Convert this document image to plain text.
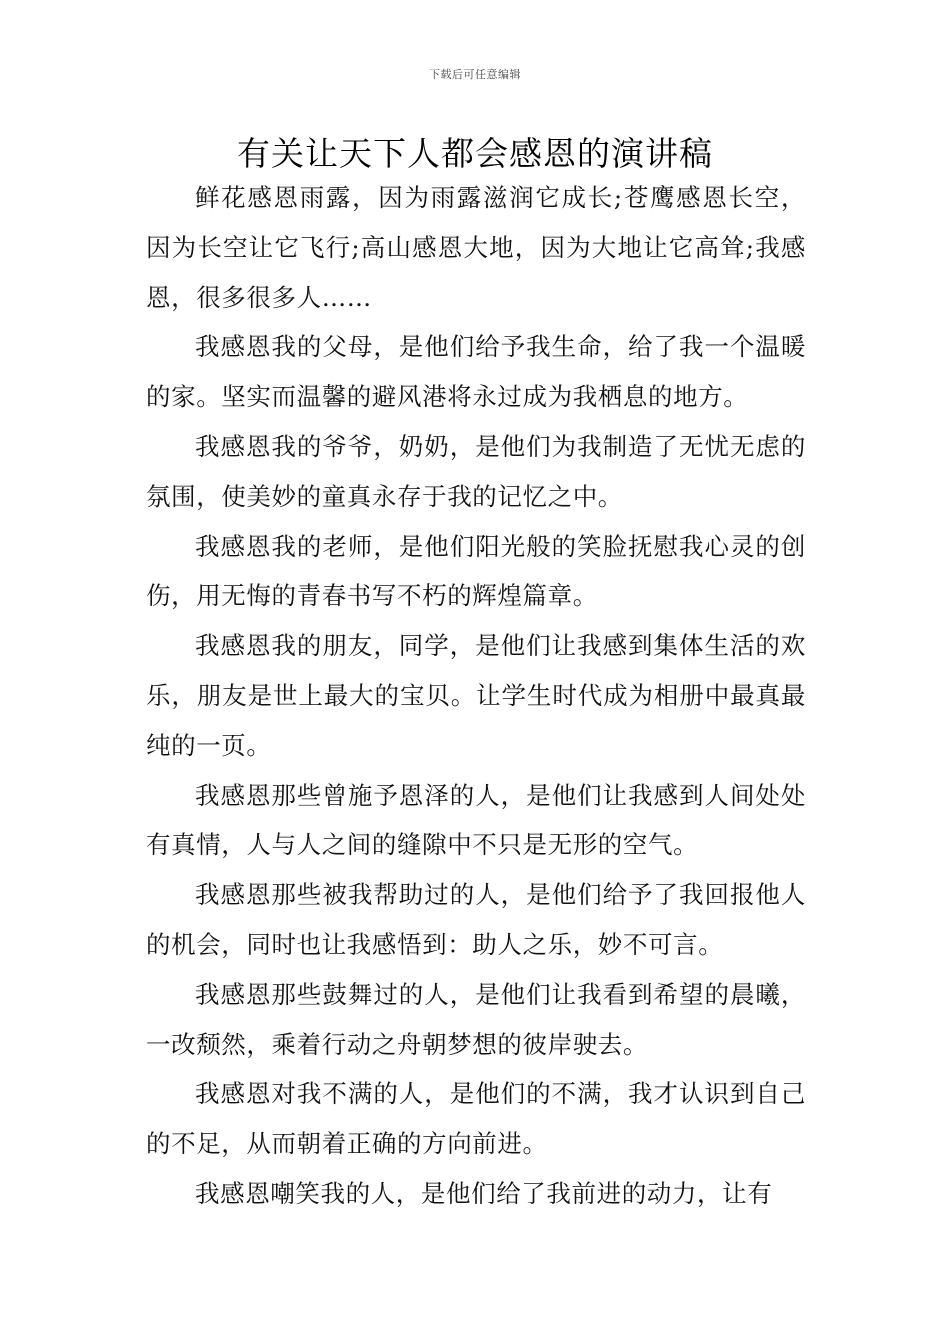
下载后可任意编辑
有关让天下人都会感恩的演讲稿

鲜花感恩雨露，因为雨露滋润它成长;苍鹰感恩长空，因为长空让它飞行;高山感恩大地，因为大地让它高耸;我感恩，很多很多人……

我感恩我的父母，是他们给予我生命，给了我一个温暖的家。坚实而温馨的避风港将永过成为我栖息的地方。

我感恩我的爷爷，奶奶，是他们为我制造了无忧无虑的氛围，使美妙的童真永存于我的记忆之中。

我感恩我的老师，是他们阳光般的笑脸抚慰我心灵的创伤，用无悔的青春书写不朽的辉煌篇章。

我感恩我的朋友，同学，是他们让我感到集体生活的欢乐，朋友是世上最大的宝贝。让学生时代成为相册中最真最纯的一页。

我感恩那些曾施予恩泽的人，是他们让我感到人间处处有真情，人与人之间的缝隙中不只是无形的空气。

我感恩那些被我帮助过的人，是他们给予了我回报他人的机会，同时也让我感悟到：助人之乐，妙不可言。

我感恩那些鼓舞过的人，是他们让我看到希望的晨曦，一改颓然，乘着行动之舟朝梦想的彼岸驶去。

我感恩对我不满的人，是他们的不满，我才认识到自己的不足，从而朝着正确的方向前进。

我感恩嘲笑我的人，是他们给了我前进的动力，让有
